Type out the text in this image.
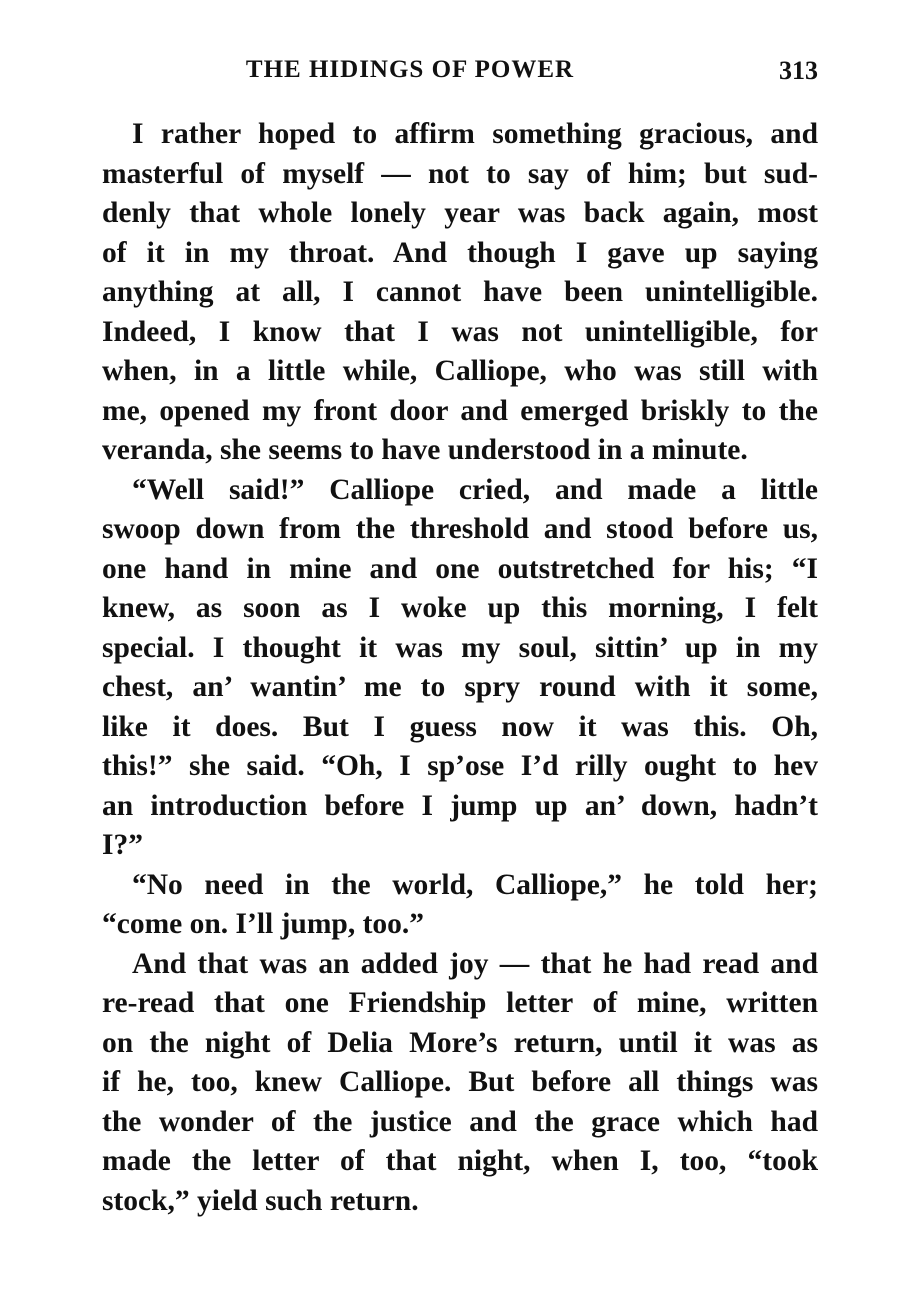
THE HIDINGS OF POWER	313
I rather hoped to affirm something gracious, and
masterful of myself — not to say of him; but sud-
denly that whole lonely year was back again, most
of it in my throat. And though I gave up saying
anything at all, I cannot have been unintelligible.
Indeed, I know that I was not unintelligible, for
when, in a little while, Calliope, who was still with
me, opened my front door and emerged briskly to the
veranda, she seems to have understood in a minute.
“Well said!” Calliope cried, and made a little
swoop down from the threshold and stood before us,
one hand in mine and one outstretched for his; “I
knew, as soon as I woke up this morning, I felt
special. I thought it was my soul, sittin’ up in my
chest, an’ wantin’ me to spry round with it some,
like it does. But I guess now it was this. Oh,
this!” she said. “Oh, I sp’ose I’d rilly ought to hev
an introduction before I jump up an’ down, hadn’t
I?”
“No need in the world, Calliope,” he told her;
“come on. I’ll jump, too.”
And that was an added joy — that he had read and
re-read that one Friendship letter of mine, written
on the night of Delia More’s return, until it was as
if he, too, knew Calliope. But before all things was
the wonder of the justice and the grace which had
made the letter of that night, when I, too, “took
stock,” yield such return.
